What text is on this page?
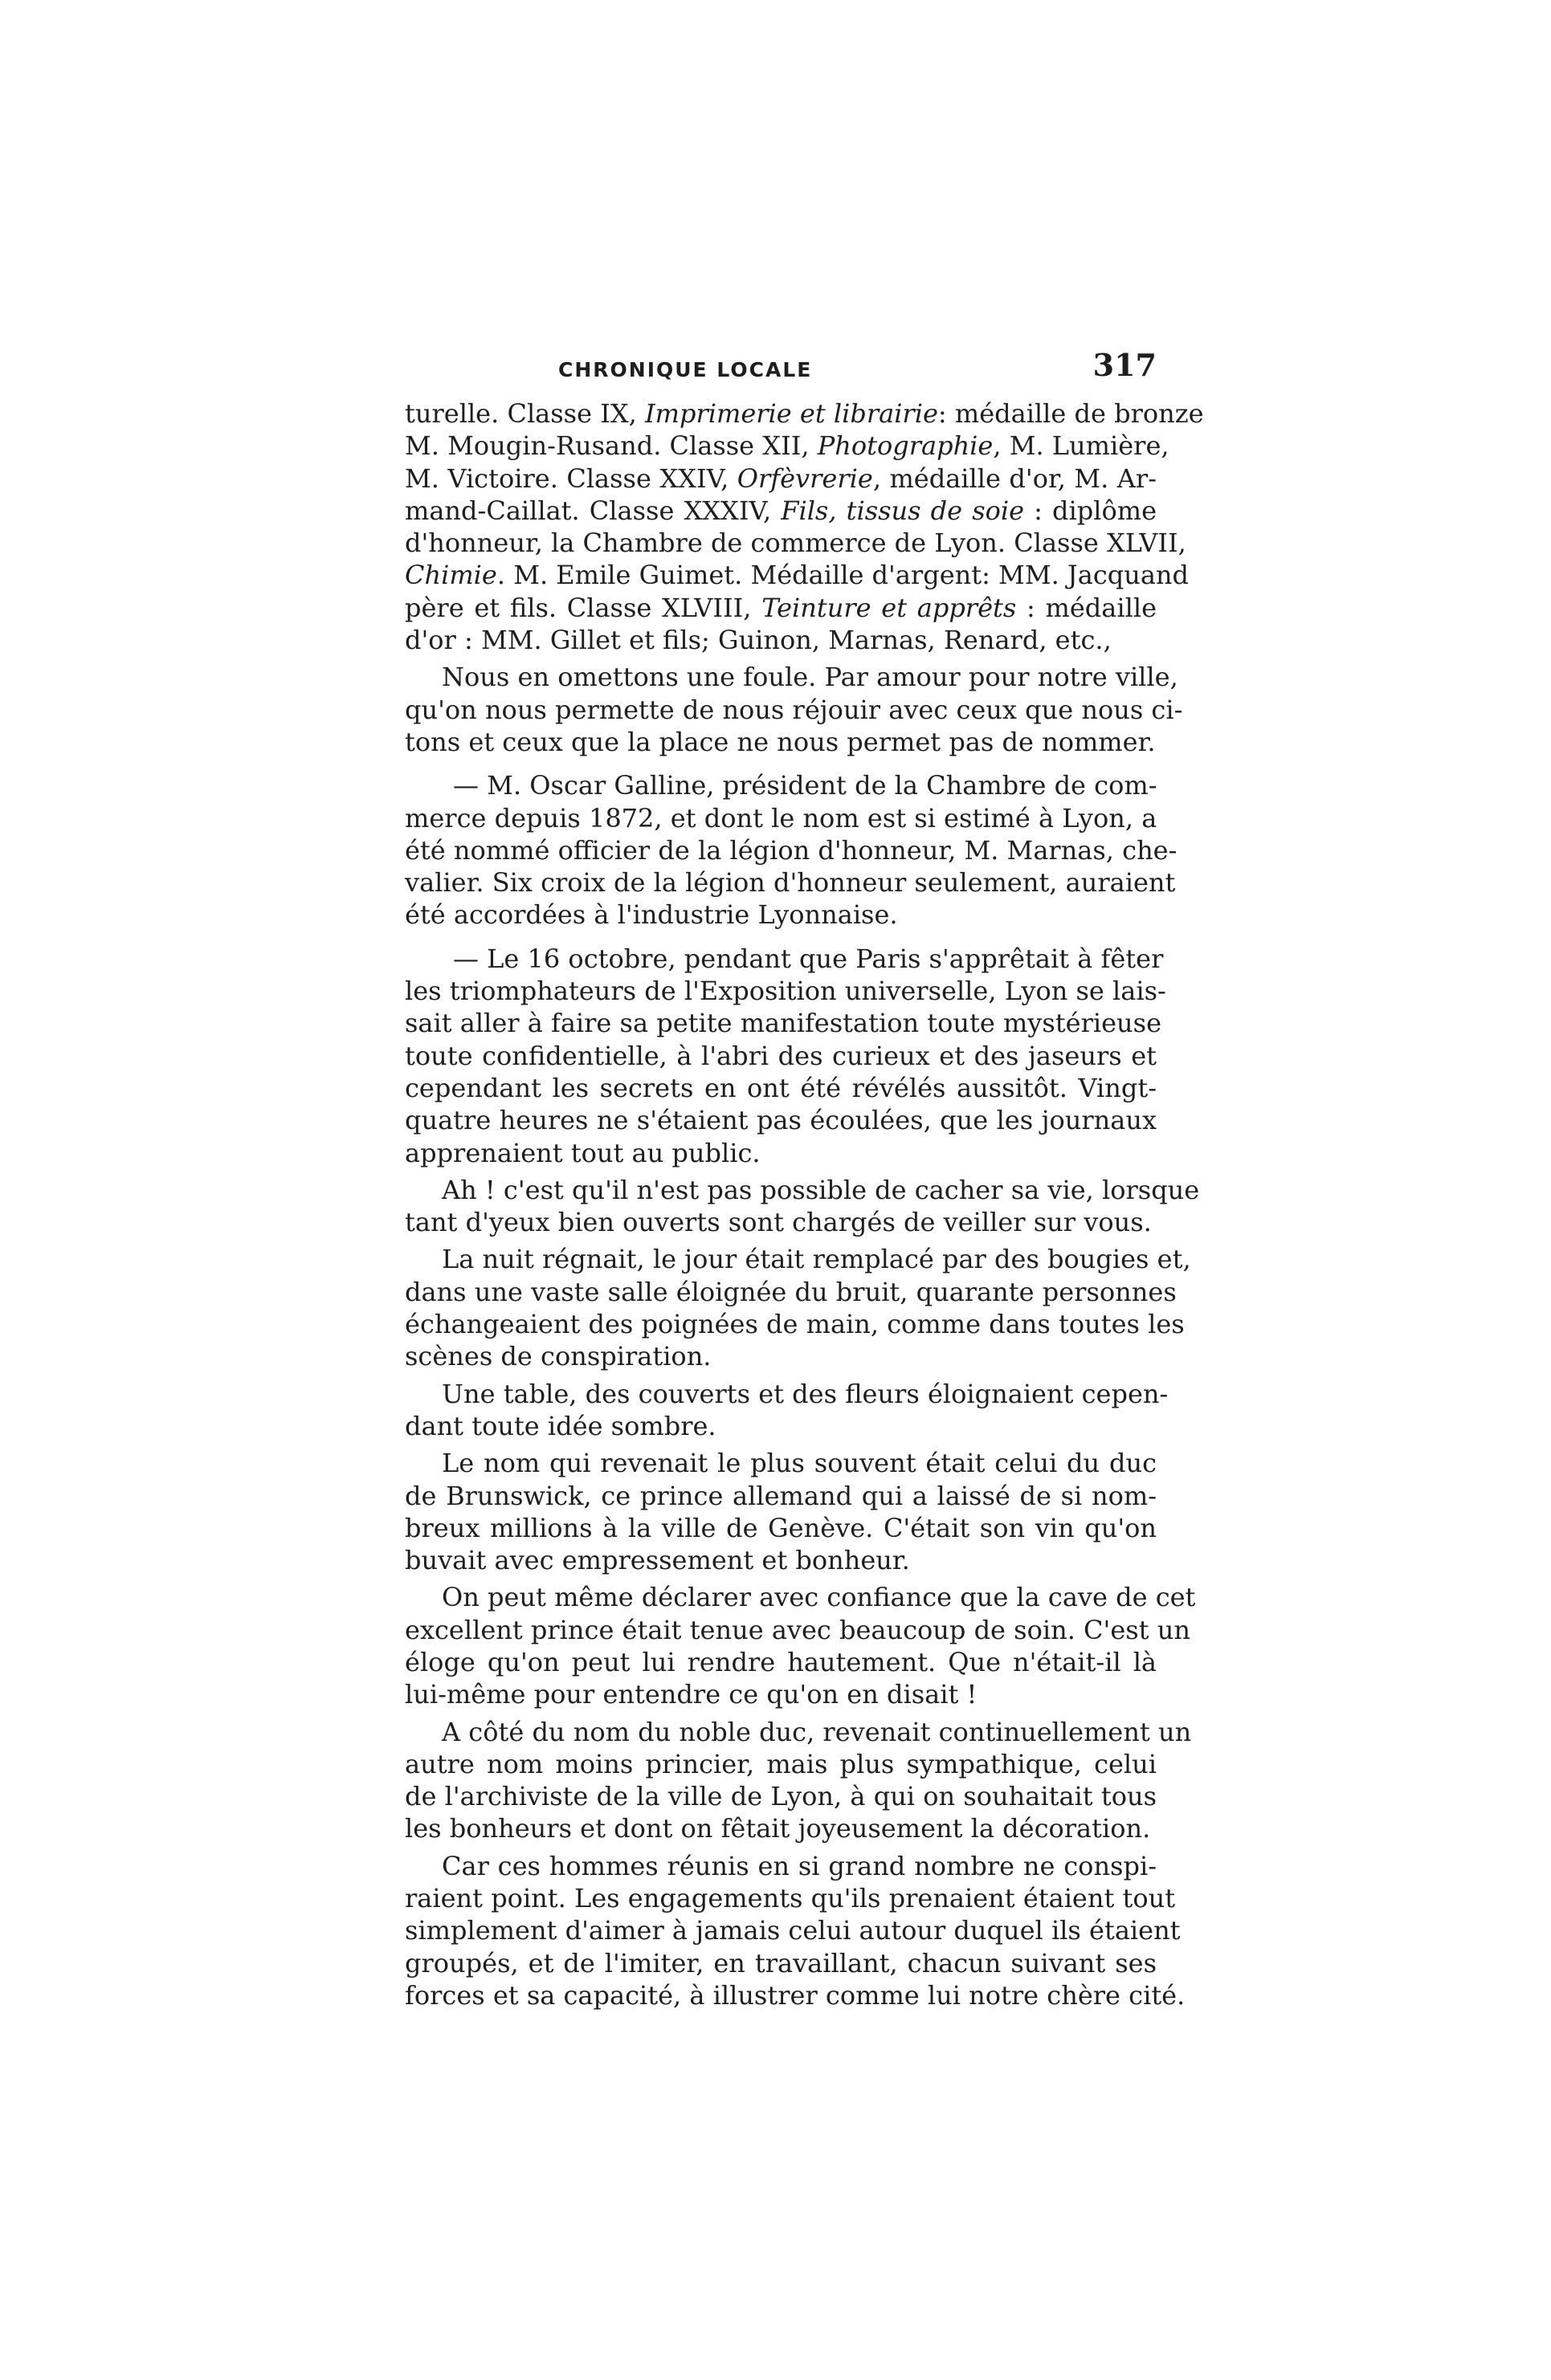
CHRONIQUE LOCALE	317
turelle. Classe IX, Imprimerie et librairie: médaille de bronze
M. Mougin-Rusand. Classe XII, Photographie, M. Lumière,
M. Victoire. Classe XXIV, Orfèvrerie, médaille d'or, M. Ar-
mand-Caillat. Classe XXXIV, Fils, tissus de soie : diplôme
d'honneur, la Chambre de commerce de Lyon. Classe XLVII,
Chimie. M. Emile Guimet. Médaille d'argent: MM. Jacquand
père et fils. Classe XLVIII, Teinture et apprêts : médaille
d'or : MM. Gillet et fils; Guinon, Marnas, Renard, etc.,
Nous en omettons une foule. Par amour pour notre ville,
qu'on nous permette de nous réjouir avec ceux que nous ci-
tons et ceux que la place ne nous permet pas de nommer.
— M. Oscar Galline, président de la Chambre de com-
merce depuis 1872, et dont le nom est si estimé à Lyon, a
été nommé officier de la légion d'honneur, M. Marnas, che-
valier. Six croix de la légion d'honneur seulement, auraient
été accordées à l'industrie Lyonnaise.
— Le 16 octobre, pendant que Paris s'apprêtait à fêter
les triomphateurs de l'Exposition universelle, Lyon se lais-
sait aller à faire sa petite manifestation toute mystérieuse
toute confidentielle, à l'abri des curieux et des jaseurs et
cependant les secrets en ont été révélés aussitôt. Vingt-
quatre heures ne s'étaient pas écoulées, que les journaux
apprenaient tout au public.
Ah ! c'est qu'il n'est pas possible de cacher sa vie, lorsque
tant d'yeux bien ouverts sont chargés de veiller sur vous.
La nuit régnait, le jour était remplacé par des bougies et,
dans une vaste salle éloignée du bruit, quarante personnes
échangeaient des poignées de main, comme dans toutes les
scènes de conspiration.
Une table, des couverts et des fleurs éloignaient cepen-
dant toute idée sombre.
Le nom qui revenait le plus souvent était celui du duc
de Brunswick, ce prince allemand qui a laissé de si nom-
breux millions à la ville de Genève. C'était son vin qu'on
buvait avec empressement et bonheur.
On peut même déclarer avec confiance que la cave de cet
excellent prince était tenue avec beaucoup de soin. C'est un
éloge qu'on peut lui rendre hautement. Que n'était-il là
lui-même pour entendre ce qu'on en disait !
A côté du nom du noble duc, revenait continuellement un
autre nom moins princier, mais plus sympathique, celui
de l'archiviste de la ville de Lyon, à qui on souhaitait tous
les bonheurs et dont on fêtait joyeusement la décoration.
Car ces hommes réunis en si grand nombre ne conspi-
raient point. Les engagements qu'ils prenaient étaient tout
simplement d'aimer à jamais celui autour duquel ils étaient
groupés, et de l'imiter, en travaillant, chacun suivant ses
forces et sa capacité, à illustrer comme lui notre chère cité.
